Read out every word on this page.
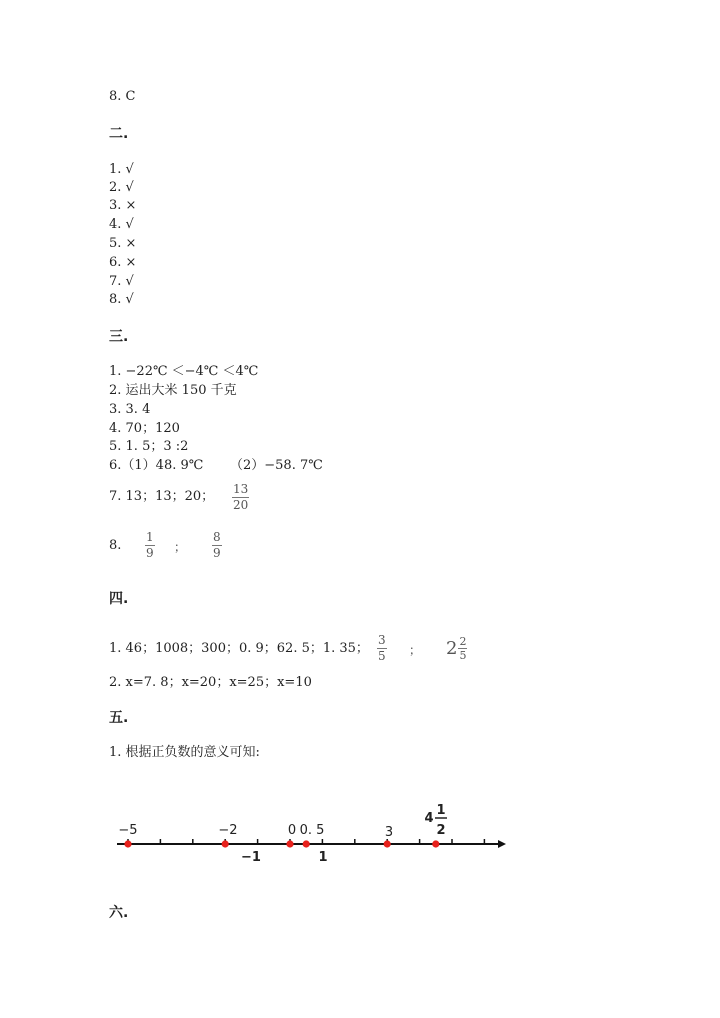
8. C
二.
1. √
2. √
3. ×
4. √
5. ×
6. ×
7. √
8. √
三.
1. −22℃ ＜−4℃ ＜4℃
2. 运出大米 150 千克
3. 3. 4
4. 70；120
5. 1. 5；3 :2
6.（1）48. 9℃ （2）−58. 7℃
7. 13；13；20； 13
20
8.
1
9 ；
8
9
四.
1. 46；1008；300；0. 9；62. 5；1. 35；
3
5 ； $2 \frac{2}{5}$
2. x=7. 8；x=20；x=25；x=10
五.
1. 根据正负数的意义可知:
−5	−2	0 0. 5	3
4
1
2
−1	1
六.
